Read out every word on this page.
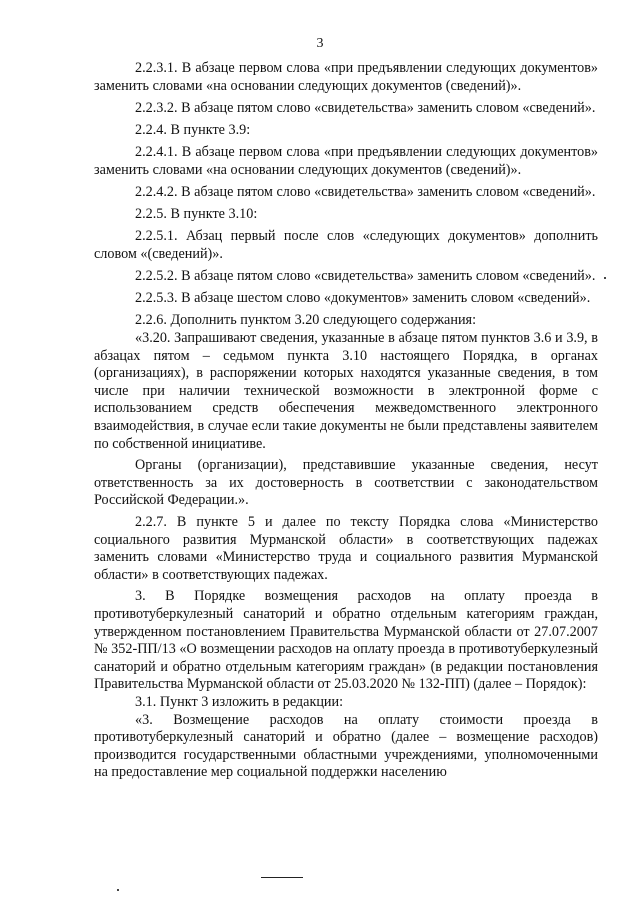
3

2.2.3.1. В абзаце первом слова «при предъявлении следующих документов» заменить словами «на основании следующих документов (сведений)».

2.2.3.2. В абзаце пятом слово «свидетельства» заменить словом «сведений».

2.2.4. В пункте 3.9:

2.2.4.1. В абзаце первом слова «при предъявлении следующих документов» заменить словами «на основании следующих документов (сведений)».

2.2.4.2. В абзаце пятом слово «свидетельства» заменить словом «сведений».

2.2.5. В пункте 3.10:

2.2.5.1. Абзац первый после слов «следующих документов» дополнить словом «(сведений)».

2.2.5.2. В абзаце пятом слово «свидетельства» заменить словом «сведений».

2.2.5.3. В абзаце шестом слово «документов» заменить словом «сведений».

2.2.6. Дополнить пунктом 3.20 следующего содержания:

«3.20. Запрашивают сведения, указанные в абзаце пятом пунктов 3.6 и 3.9, в абзацах пятом – седьмом пункта 3.10 настоящего Порядка, в органах (организациях), в распоряжении которых находятся указанные сведения, в том числе при наличии технической возможности в электронной форме с использованием средств обеспечения межведомственного электронного взаимодействия, в случае если такие документы не были представлены заявителем по собственной инициативе.

Органы (организации), представившие указанные сведения, несут ответственность за их достоверность в соответствии с законодательством Российской Федерации.».

2.2.7. В пункте 5 и далее по тексту Порядка слова «Министерство социального развития Мурманской области» в соответствующих падежах заменить словами «Министерство труда и социального развития Мурманской области» в соответствующих падежах.

3. В Порядке возмещения расходов на оплату проезда в противотуберкулезный санаторий и обратно отдельным категориям граждан, утвержденном постановлением Правительства Мурманской области от 27.07.2007 № 352-ПП/13 «О возмещении расходов на оплату проезда в противотуберкулезный санаторий и обратно отдельным категориям граждан» (в редакции постановления Правительства Мурманской области от 25.03.2020 № 132-ПП) (далее – Порядок):

3.1. Пункт 3 изложить в редакции:

«3. Возмещение расходов на оплату стоимости проезда в противотуберкулезный санаторий и обратно (далее – возмещение расходов) производится государственными областными учреждениями, уполномоченными на предоставление мер социальной поддержки населению
